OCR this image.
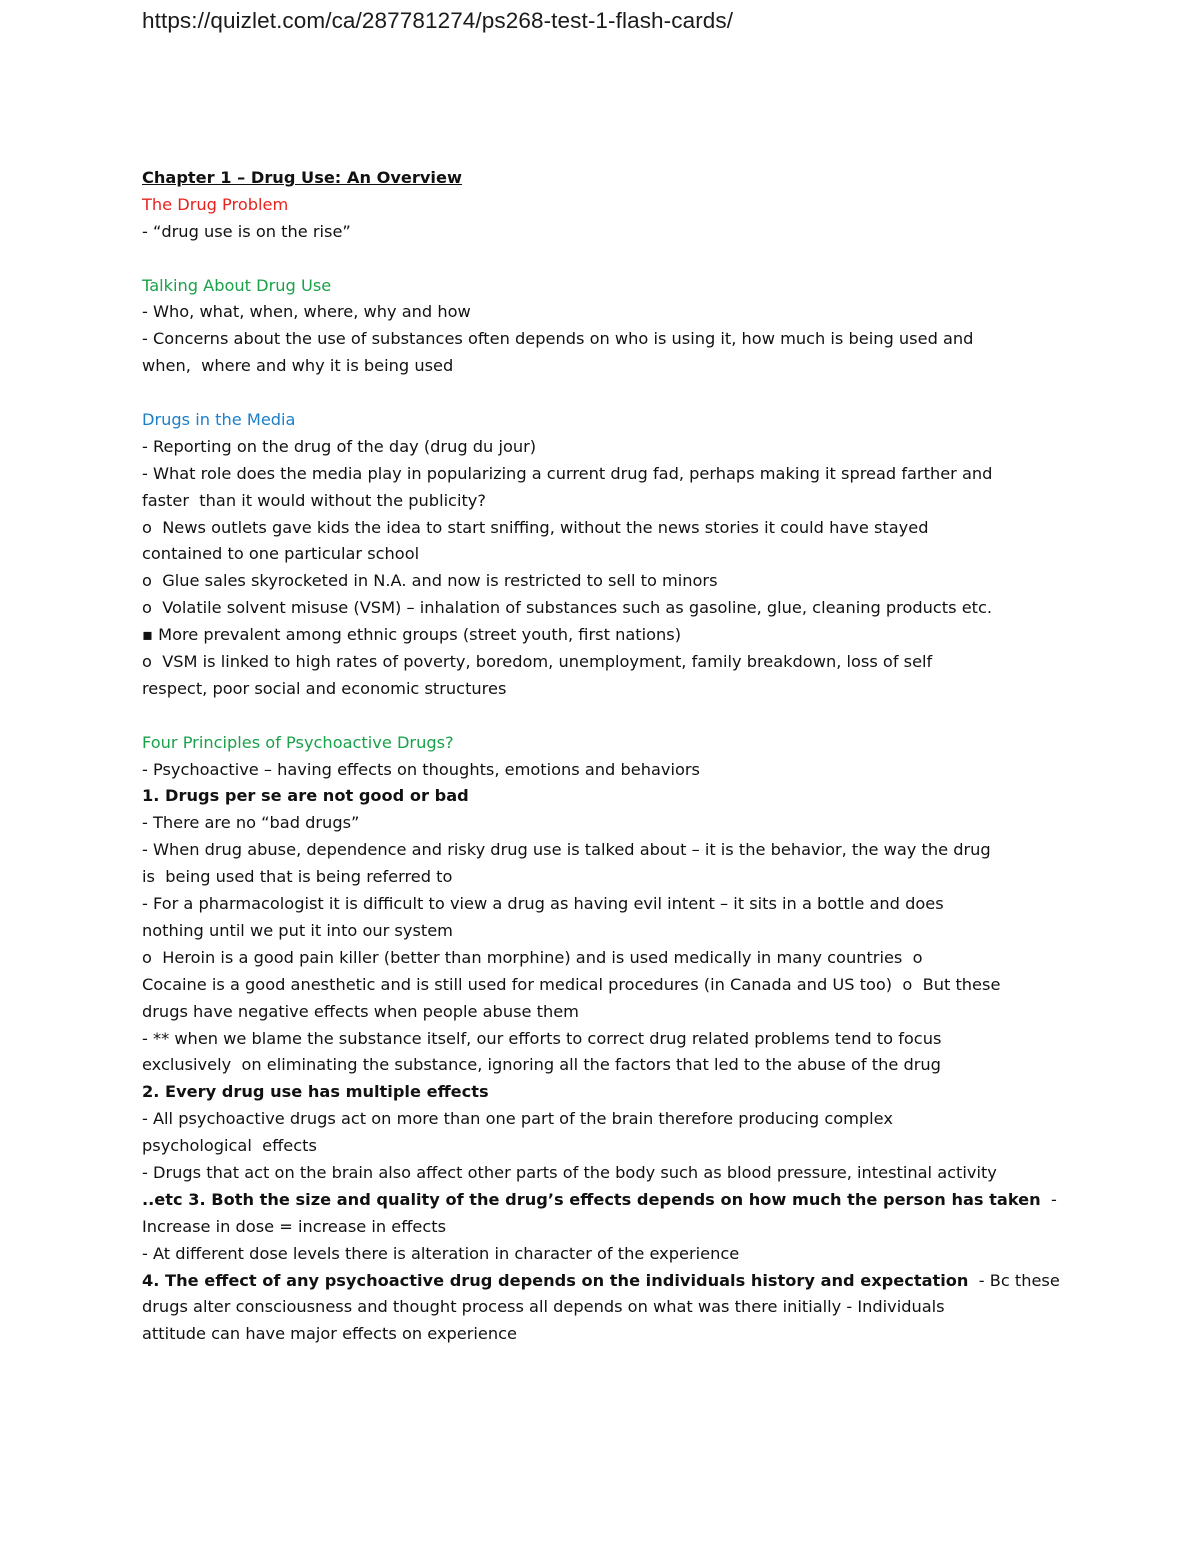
https://quizlet.com/ca/287781274/ps268-test-1-flash-cards/
Chapter 1 – Drug Use: An Overview
The Drug Problem
- “drug use is on the rise”
Talking About Drug Use
- Who, what, when, where, why and how
- Concerns about the use of substances often depends on who is using it, how much is being used and
when,  where and why it is being used
Drugs in the Media
- Reporting on the drug of the day (drug du jour)
- What role does the media play in popularizing a current drug fad, perhaps making it spread farther and
faster  than it would without the publicity?
o  News outlets gave kids the idea to start sniffing, without the news stories it could have stayed
contained to one particular school
o  Glue sales skyrocketed in N.A. and now is restricted to sell to minors
o  Volatile solvent misuse (VSM) – inhalation of substances such as gasoline, glue, cleaning products etc.
▪ More prevalent among ethnic groups (street youth, first nations)
o  VSM is linked to high rates of poverty, boredom, unemployment, family breakdown, loss of self
respect, poor social and economic structures
Four Principles of Psychoactive Drugs?
- Psychoactive – having effects on thoughts, emotions and behaviors
1. Drugs per se are not good or bad
- There are no “bad drugs”
- When drug abuse, dependence and risky drug use is talked about – it is the behavior, the way the drug
is  being used that is being referred to
- For a pharmacologist it is difficult to view a drug as having evil intent – it sits in a bottle and does
nothing until we put it into our system
o  Heroin is a good pain killer (better than morphine) and is used medically in many countries  o
Cocaine is a good anesthetic and is still used for medical procedures (in Canada and US too)  o  But these
drugs have negative effects when people abuse them
- ** when we blame the substance itself, our efforts to correct drug related problems tend to focus
exclusively  on eliminating the substance, ignoring all the factors that led to the abuse of the drug
2. Every drug use has multiple effects
- All psychoactive drugs act on more than one part of the brain therefore producing complex
psychological  effects
- Drugs that act on the brain also affect other parts of the body such as blood pressure, intestinal activity
..etc 3. Both the size and quality of the drug’s effects depends on how much the person has taken  -
Increase in dose = increase in effects
- At different dose levels there is alteration in character of the experience
4. The effect of any psychoactive drug depends on the individuals history and expectation  - Bc these
drugs alter consciousness and thought process all depends on what was there initially - Individuals
attitude can have major effects on experience
